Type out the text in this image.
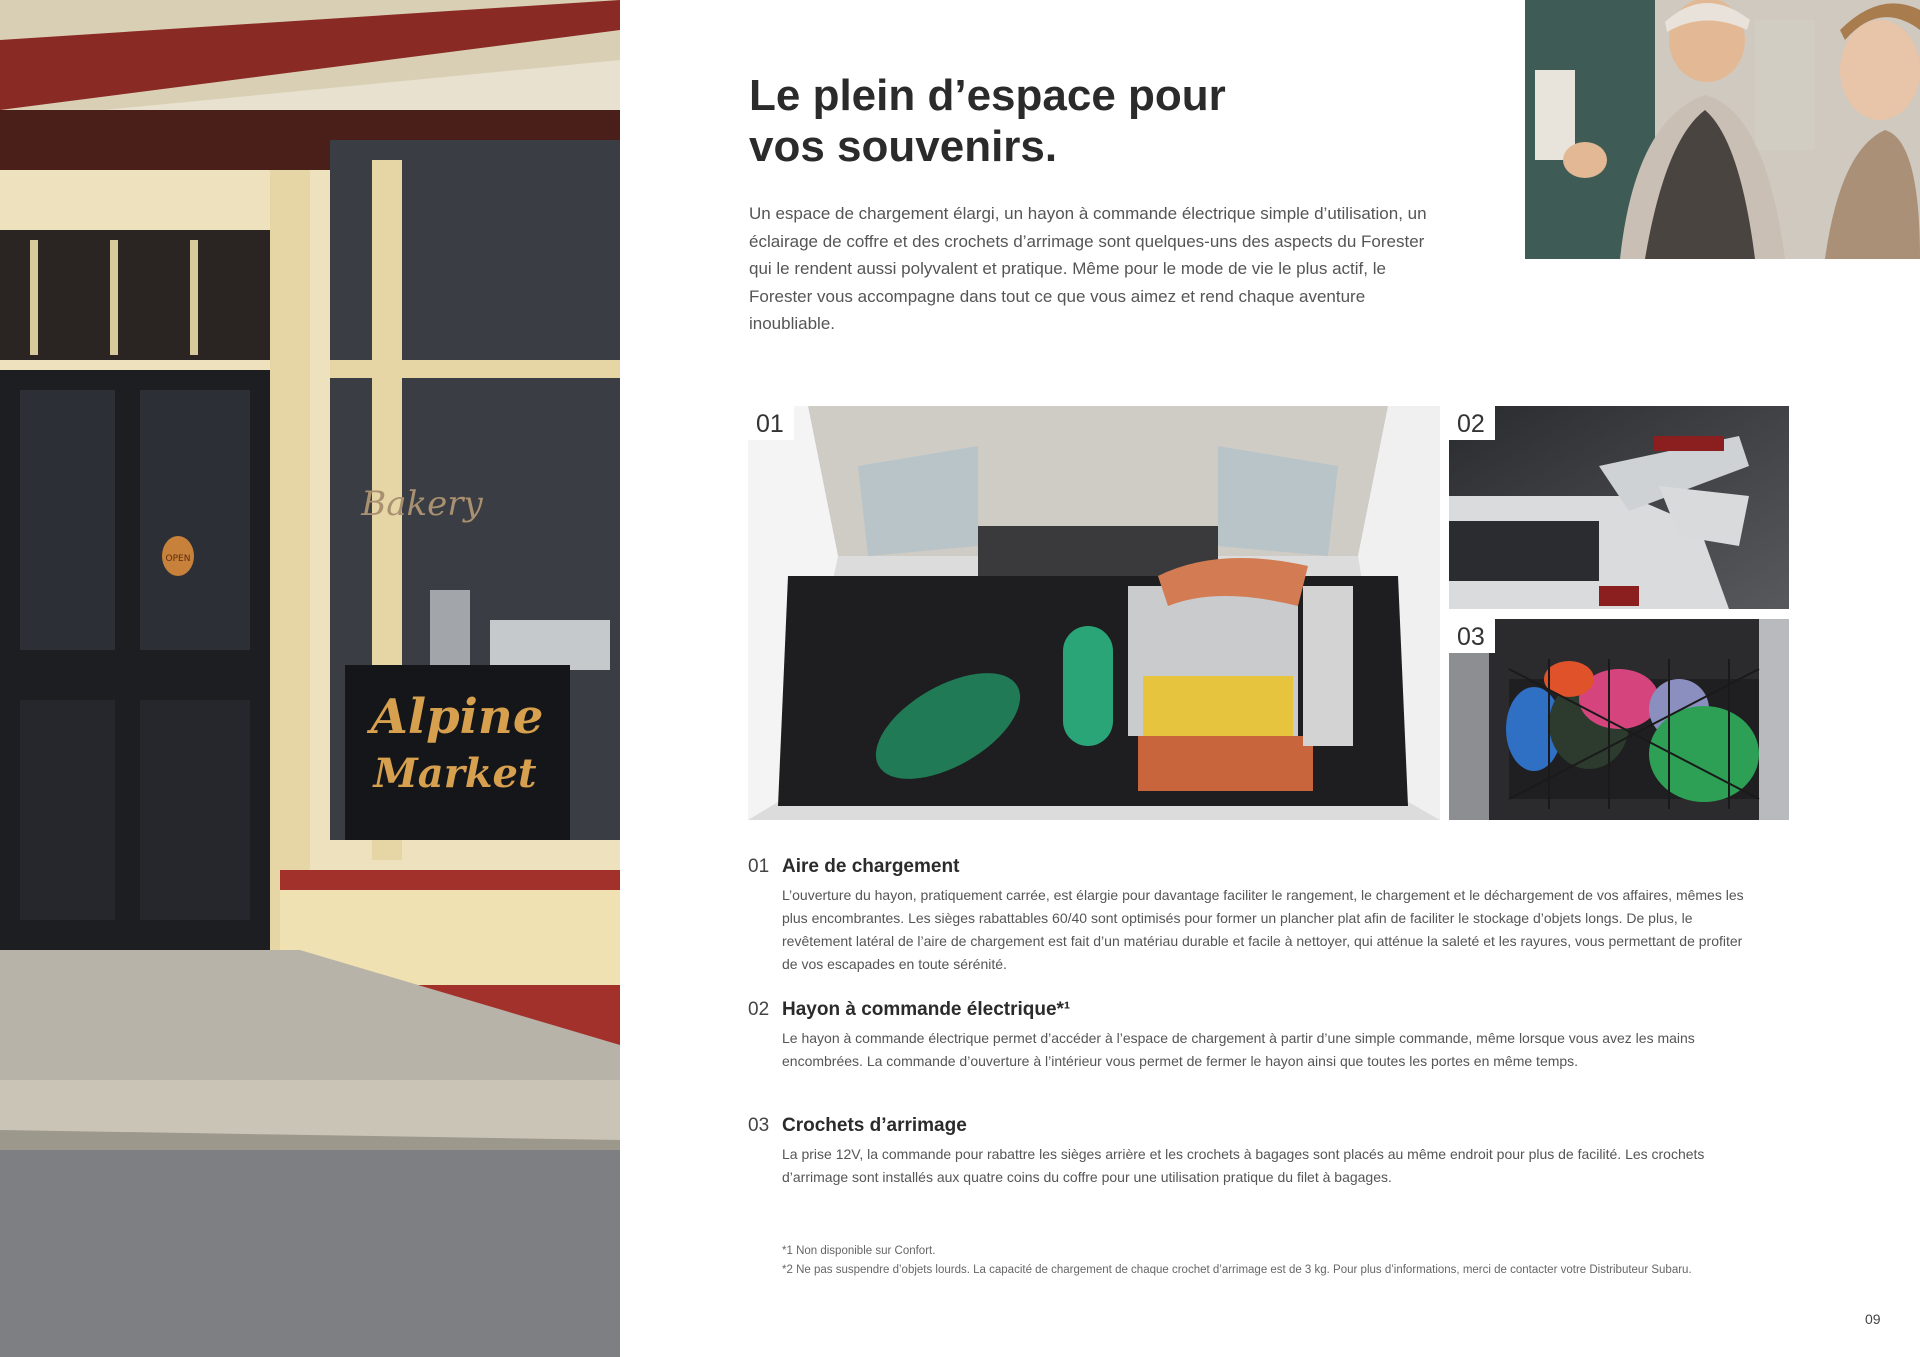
Bakery
Alpine
Market
OPEN
Le plein d’espace pour
vos souvenirs.

Un espace de chargement élargi, un hayon à commande électrique simple d’utilisation, un éclairage de coffre et des crochets d’arrimage sont quelques-uns des aspects du Forester qui le rendent aussi polyvalent et pratique. Même pour le mode de vie le plus actif, le Forester vous accompagne dans tout ce que vous aimez et rend chaque aventure inoubliable.

01	02
03
01 Aire de chargement
L’ouverture du hayon, pratiquement carrée, est élargie pour davantage faciliter le rangement, le chargement et le déchargement de vos affaires, mêmes les plus encombrantes. Les sièges rabattables 60/40 sont optimisés pour former un plancher plat afin de faciliter le stockage d’objets longs. De plus, le revêtement latéral de l’aire de chargement est fait d’un matériau durable et facile à nettoyer, qui atténue la saleté et les rayures, vous permettant de profiter de vos escapades en toute sérénité.
02 Hayon à commande électrique*¹
Le hayon à commande électrique permet d’accéder à l’espace de chargement à partir d’une simple commande, même lorsque vous avez les mains encombrées. La commande d’ouverture à l’intérieur vous permet de fermer le hayon ainsi que toutes les portes en même temps.
03 Crochets d’arrimage
La prise 12V, la commande pour rabattre les sièges arrière et les crochets à bagages sont placés au même endroit pour plus de facilité. Les crochets d’arrimage sont installés aux quatre coins du coffre pour une utilisation pratique du filet à bagages.
*1 Non disponible sur Confort.
*2 Ne pas suspendre d’objets lourds. La capacité de chargement de chaque crochet d’arrimage est de 3 kg. Pour plus d’informations, merci de contacter votre Distributeur Subaru.
09
